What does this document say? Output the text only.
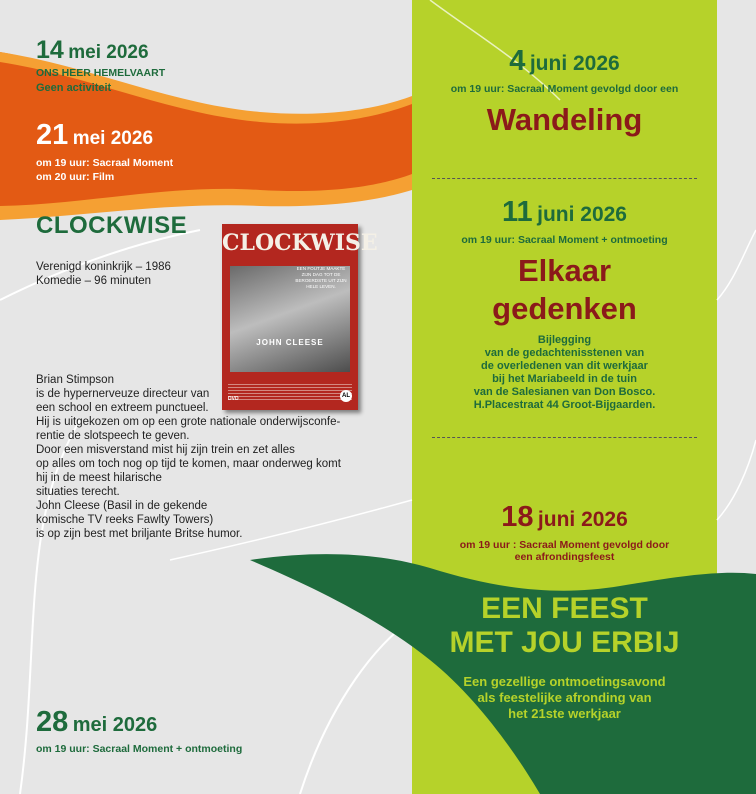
14 mei 2026
ONS HEER HEMELVAART
Geen activiteit
21 mei 2026
om 19 uur: Sacraal Moment
om 20 uur: Film
CLOCKWISE
Verenigd koninkrijk – 1986
Komedie – 96 minuten
CLOCKWISE
EEN FOUTJE MAAKTE ZIJN DAG TOT DE BEROERDSTE UIT ZIJN HELE LEVEN.
JOHN CLEESE
DVD	AL
Brian Stimpson
is de hypernerveuze directeur van
een school en extreem punctueel.
Hij is uitgekozen om op een grote nationale onderwijsconfe-
rentie de slotspeech te geven.
Door een misverstand mist hij zijn trein en zet alles
op alles om toch nog op tijd te komen, maar onderweg komt
hij in de meest hilarische
situaties terecht.
John Cleese (Basil in de gekende
komische TV reeks Fawlty Towers)
is op zijn best met briljante Britse humor.
28 mei 2026
om 19 uur: Sacraal Moment + ontmoeting
4 juni 2026
om 19 uur: Sacraal Moment gevolgd door een
Wandeling
11 juni 2026
om 19 uur: Sacraal Moment + ontmoeting
Elkaar
gedenken
Bijlegging
van de gedachtenisstenen van
de overledenen van dit werkjaar
bij het Mariabeeld in de tuin
van de Salesianen van Don Bosco.
H.Placestraat 44 Groot-Bijgaarden.
18 juni 2026
om 19 uur : Sacraal Moment gevolgd door
een afrondingsfeest
EEN FEEST
MET JOU ERBIJ
Een gezellige ontmoetingsavond
als feestelijke afronding van
het 21ste werkjaar
